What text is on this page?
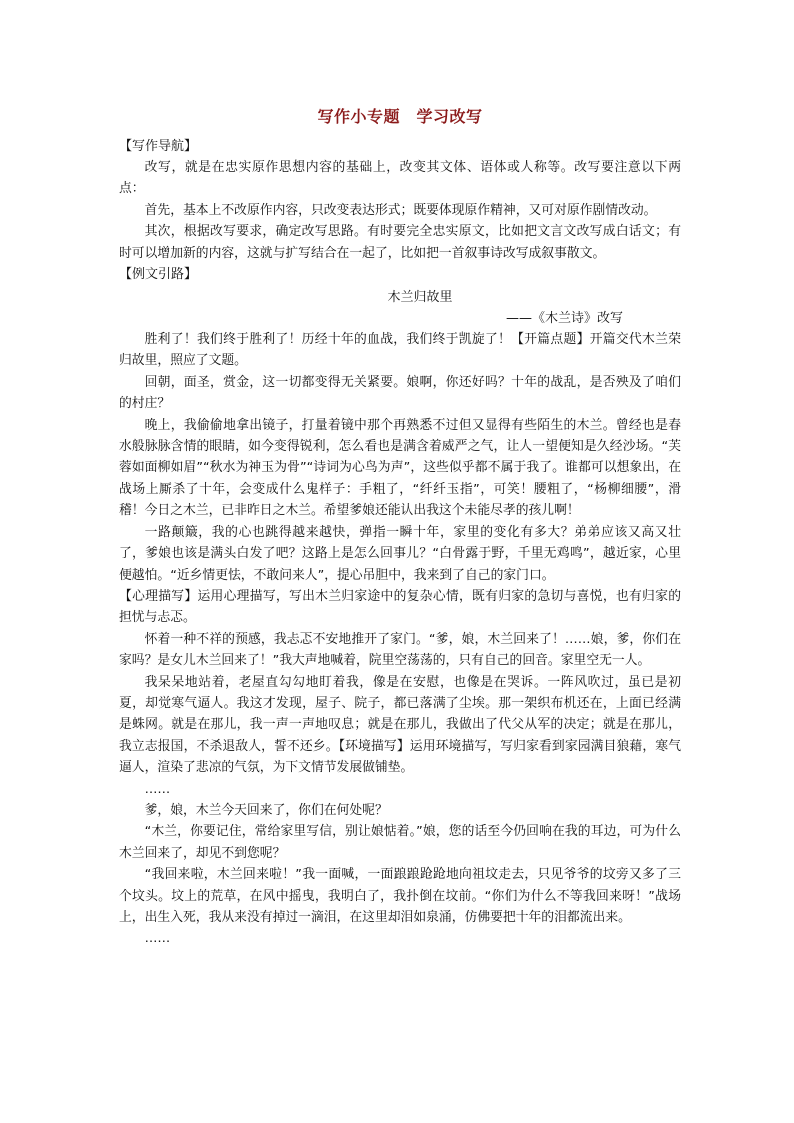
写作小专题　学习改写

【写作导航】

改写，就是在忠实原作思想内容的基础上，改变其文体、语体或人称等。改写要注意以下两点：

首先，基本上不改原作内容，只改变表达形式；既要体现原作精神，又可对原作剧情改动。

其次，根据改写要求，确定改写思路。有时要完全忠实原文，比如把文言文改写成白话文；有时可以增加新的内容，这就与扩写结合在一起了，比如把一首叙事诗改写成叙事散文。

【例文引路】

木兰归故里

——《木兰诗》改写

胜利了！我们终于胜利了！历经十年的血战，我们终于凯旋了！【开篇点题】开篇交代木兰荣归故里，照应了文题。

回朝，面圣，赏金，这一切都变得无关紧要。娘啊，你还好吗？十年的战乱，是否殃及了咱们的村庄？

晚上，我偷偷地拿出镜子，打量着镜中那个再熟悉不过但又显得有些陌生的木兰。曾经也是春水般脉脉含情的眼睛，如今变得锐利，怎么看也是满含着威严之气，让人一望便知是久经沙场。“芙蓉如面柳如眉”“秋水为神玉为骨”“诗词为心鸟为声”，这些似乎都不属于我了。谁都可以想象出，在战场上厮杀了十年，会变成什么鬼样子：手粗了，“纤纤玉指”，可笑！腰粗了，“杨柳细腰”，滑稽！今日之木兰，已非昨日之木兰。希望爹娘还能认出我这个未能尽孝的孩儿啊！

一路颠簸，我的心也跳得越来越快，弹指一瞬十年，家里的变化有多大？弟弟应该又高又壮了，爹娘也该是满头白发了吧？这路上是怎么回事儿？“白骨露于野，千里无鸡鸣”，越近家，心里便越怕。“近乡情更怯，不敢问来人”，提心吊胆中，我来到了自己的家门口。

【心理描写】运用心理描写，写出木兰归家途中的复杂心情，既有归家的急切与喜悦，也有归家的担忧与忐忑。

怀着一种不祥的预感，我忐忑不安地推开了家门。“爹，娘，木兰回来了！……娘，爹，你们在家吗？是女儿木兰回来了！”我大声地喊着，院里空荡荡的，只有自己的回音。家里空无一人。

我呆呆地站着，老屋直勾勾地盯着我，像是在安慰，也像是在哭诉。一阵风吹过，虽已是初夏，却觉寒气逼人。我这才发现，屋子、院子，都已落满了尘埃。那一架织布机还在，上面已经满是蛛网。就是在那儿，我一声一声地叹息；就是在那儿，我做出了代父从军的决定；就是在那儿，我立志报国，不杀退敌人，誓不还乡。【环境描写】运用环境描写，写归家看到家园满目狼藉，寒气逼人，渲染了悲凉的气氛，为下文情节发展做铺垫。

……

爹，娘，木兰今天回来了，你们在何处呢？

“木兰，你要记住，常给家里写信，别让娘惦着。”娘，您的话至今仍回响在我的耳边，可为什么木兰回来了，却见不到您呢？

“我回来啦，木兰回来啦！”我一面喊，一面踉踉跄跄地向祖坟走去，只见爷爷的坟旁又多了三个坟头。坟上的荒草，在风中摇曳，我明白了，我扑倒在坟前。“你们为什么不等我回来呀！”战场上，出生入死，我从来没有掉过一滴泪，在这里却泪如泉涌，仿佛要把十年的泪都流出来。

……
